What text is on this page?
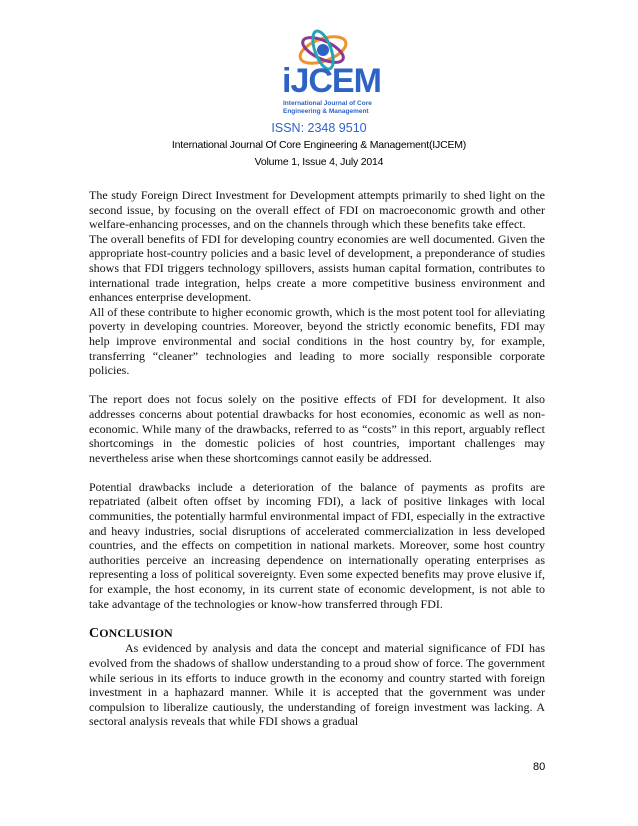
iJCEM
International Journal of Core
Engineering & Management
ISSN: 2348 9510
International Journal Of Core Engineering & Management(IJCEM)
Volume 1, Issue 4, July 2014

The study Foreign Direct Investment for Development attempts primarily to shed light on the second issue, by focusing on the overall effect of FDI on macroeconomic growth and other welfare-enhancing processes, and on the channels through which these benefits take effect.

The overall benefits of FDI for developing country economies are well documented. Given the appropriate host-country policies and a basic level of development, a preponderance of studies shows that FDI triggers technology spillovers, assists human capital formation, contributes to international trade integration, helps create a more competitive business environment and enhances enterprise development.

All of these contribute to higher economic growth, which is the most potent tool for alleviating poverty in developing countries. Moreover, beyond the strictly economic benefits, FDI may help improve environmental and social conditions in the host country by, for example, transferring “cleaner” technologies and leading to more socially responsible corporate policies.

The report does not focus solely on the positive effects of FDI for development. It also addresses concerns about potential drawbacks for host economies, economic as well as non-economic. While many of the drawbacks, referred to as “costs” in this report, arguably reflect shortcomings in the domestic policies of host countries, important challenges may nevertheless arise when these shortcomings cannot easily be addressed.

Potential drawbacks include a deterioration of the balance of payments as profits are repatriated (albeit often offset by incoming FDI), a lack of positive linkages with local communities, the potentially harmful environmental impact of FDI, especially in the extractive and heavy industries, social disruptions of accelerated commercialization in less developed countries, and the effects on competition in national markets. Moreover, some host country authorities perceive an increasing dependence on internationally operating enterprises as representing a loss of political sovereignty. Even some expected benefits may prove elusive if, for example, the host economy, in its current state of economic development, is not able to take advantage of the technologies or know-how transferred through FDI.

CONCLUSION

As evidenced by analysis and data the concept and material significance of FDI has evolved from the shadows of shallow understanding to a proud show of force. The government while serious in its efforts to induce growth in the economy and country started with foreign investment in a haphazard manner. While it is accepted that the government was under compulsion to liberalize cautiously, the understanding of foreign investment was lacking. A sectoral analysis reveals that while FDI shows a gradual

80
